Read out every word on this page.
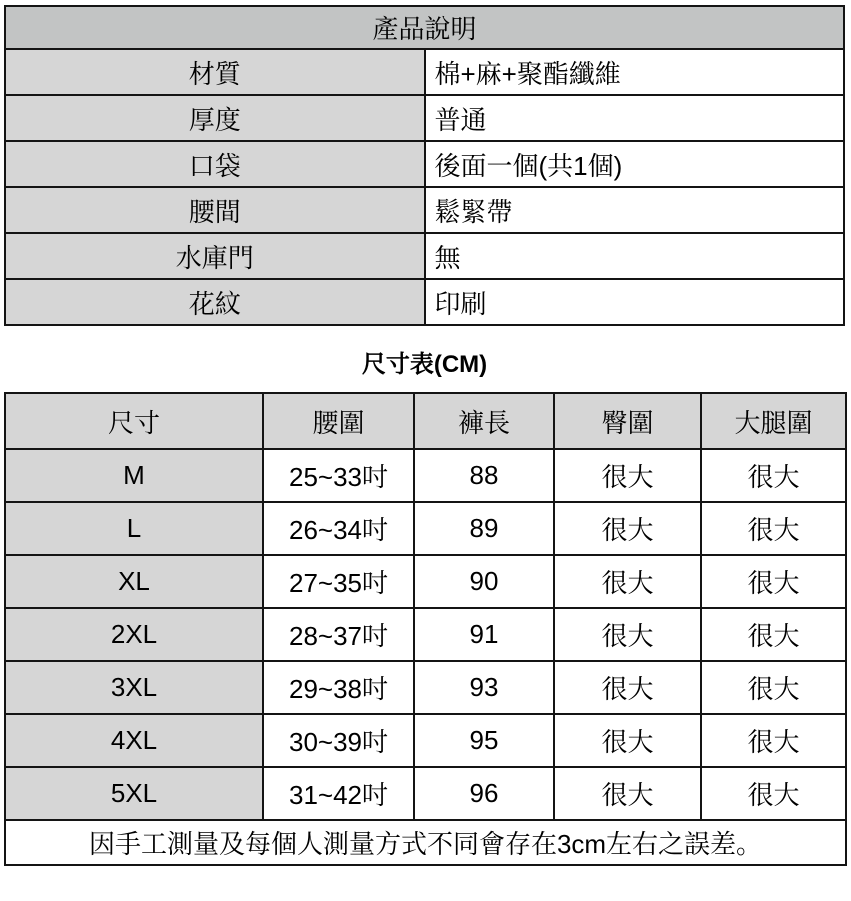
產品說明	
材質	棉+麻+聚酯纖維
厚度	普通
口袋	後面一個(共1個)
腰間	鬆緊帶
水庫門	無
花紋	印刷
尺寸表(CM)
尺寸	腰圍	褲長	臀圍	大腿圍
M	25~33吋	88	很大	很大
L	26~34吋	89	很大	很大
XL	27~35吋	90	很大	很大
2XL	28~37吋	91	很大	很大
3XL	29~38吋	93	很大	很大
4XL	30~39吋	95	很大	很大
5XL	31~42吋	96	很大	很大
因手工測量及每個人測量方式不同會存在3cm左右之誤差。				
